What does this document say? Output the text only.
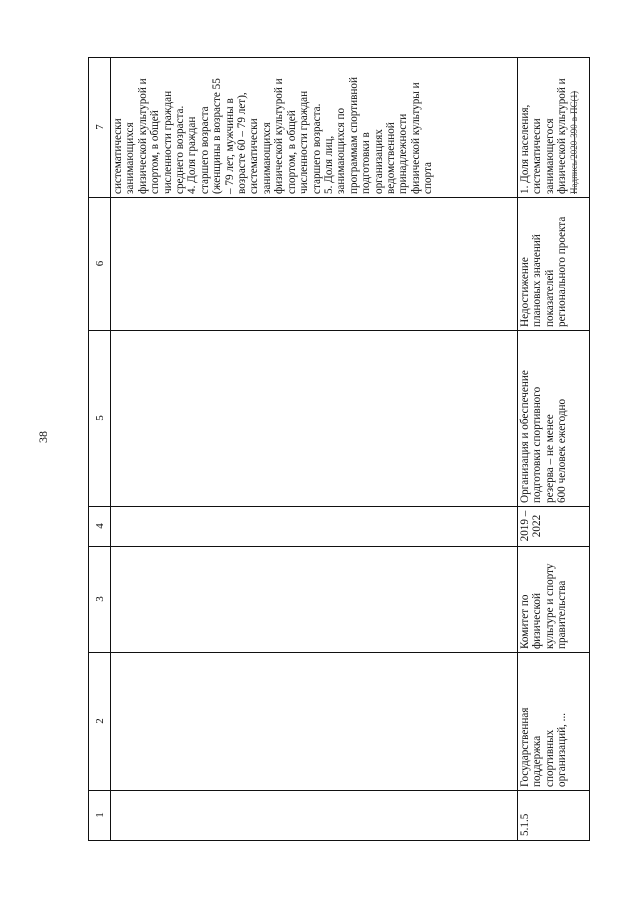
38
7
6
5
4
3
2
1
систематически занимающихся физической культурой и спортом, в общей численности граждан среднего возраста. 4. Доля граждан старшего возраста (женщины в возрасте 55 – 79 лет, мужчины в возрасте 60 – 79 лет), систематически занимающихся физической культурой и спортом, в общей численности граждан старшего возраста. 5. Доля лиц, занимающихся по программам спортивной подготовки в организациях ведомственной принадлежности физической культуры и спорта	1. Доля населения, систематически занимающегося физической культурой и Надпись/2020-390-в-ПС(1)
Недостижение плановых значений показателей регионального проекта
Организация и обеспечение подготовки спортивного резерва – не менее 600 человек ежегодно
2019 – 2022
Комитет по физической культуре и спорту правительства
Государственная поддержка спортивных организаций, ...
5.1.5
